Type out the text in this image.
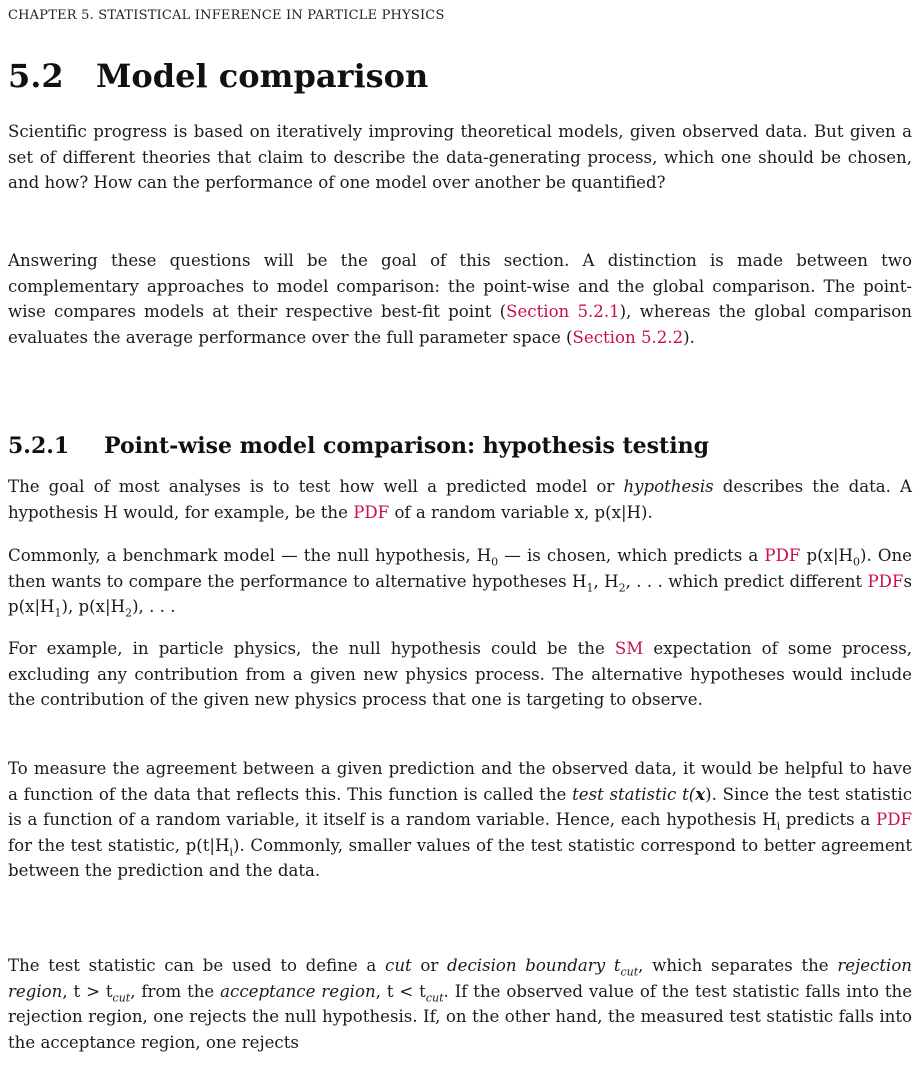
CHAPTER 5. STATISTICAL INFERENCE IN PARTICLE PHYSICS
5.2 Model comparison

Scientific progress is based on iteratively improving theoretical models, given observed data. But given a set of different theories that claim to describe the data-generating process, which one should be chosen, and how? How can the performance of one model over another be quantified?

Answering these questions will be the goal of this section. A distinction is made between two complementary approaches to model comparison: the point-wise and the global comparison. The point-wise compares models at their respective best-fit point (Section 5.2.1), whereas the global comparison evaluates the average performance over the full parameter space (Section 5.2.2).

5.2.1 Point-wise model comparison: hypothesis testing

The goal of most analyses is to test how well a predicted model or hypothesis describes the data. A hypothesis H would, for example, be the PDF of a random variable x, p(x|H).

Commonly, a benchmark model — the null hypothesis, $H_0$ — is chosen, which predicts a PDF $p(x|H_0)$. One then wants to compare the performance to alternative hypotheses $H_1$, $H_2$, . . . which predict different PDFs $p(x|H_1)$, $p(x|H_2)$, . . .

For example, in particle physics, the null hypothesis could be the SM expectation of some process, excluding any contribution from a given new physics process. The alternative hypotheses would include the contribution of the given new physics process that one is targeting to observe.

To measure the agreement between a given prediction and the observed data, it would be helpful to have a function of the data that reflects this. This function is called the test statistic t(x). Since the test statistic is a function of a random variable, it itself is a random variable. Hence, each hypothesis $H_i$ predicts a PDF for the test statistic, $p(t|H_i)$. Commonly, smaller values of the test statistic correspond to better agreement between the prediction and the data.

The test statistic can be used to define a cut or decision boundary $t_{cut}$, which separates the rejection region, $t > t_{cut}$, from the acceptance region, $t < t_{cut}$. If the observed value of the test statistic falls into the rejection region, one rejects the null hypothesis. If, on the other hand, the measured test statistic falls into the acceptance region, one rejects
